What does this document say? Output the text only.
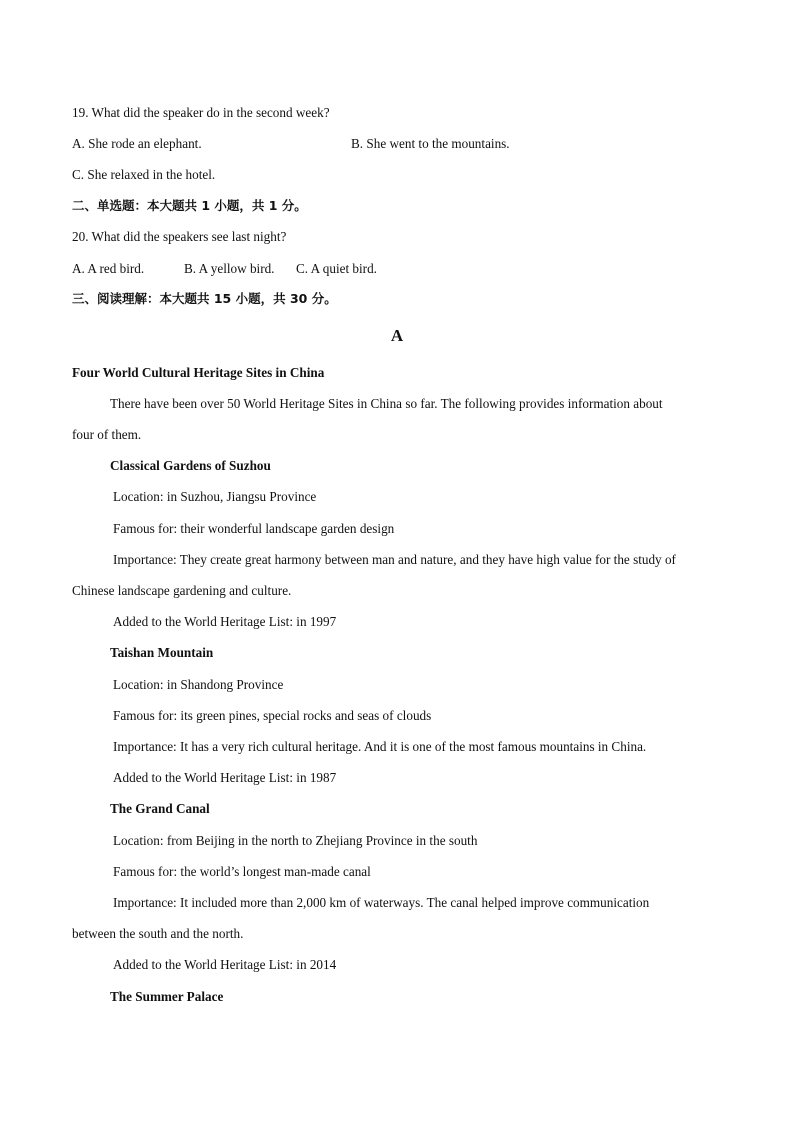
19. What did the speaker do in the second week?
A. She rode an elephant.	B. She went to the mountains.
C. She relaxed in the hotel.
二、单选题：本大题共 1 小题，共 1 分。
20. What did the speakers see last night?
A. A red bird.	B. A yellow bird. C. A quiet bird.
三、阅读理解：本大题共 15 小题，共 30 分。
A
Four World Cultural Heritage Sites in China
There have been over 50 World Heritage Sites in China so far. The following provides information about
four of them.
Classical Gardens of Suzhou
Location: in Suzhou, Jiangsu Province
Famous for: their wonderful landscape garden design
Importance: They create great harmony between man and nature, and they have high value for the study of
Chinese landscape gardening and culture.
Added to the World Heritage List: in 1997
Taishan Mountain
Location: in Shandong Province
Famous for: its green pines, special rocks and seas of clouds
Importance: It has a very rich cultural heritage. And it is one of the most famous mountains in China.
Added to the World Heritage List: in 1987
The Grand Canal
Location: from Beijing in the north to Zhejiang Province in the south
Famous for: the world’s longest man-made canal
Importance: It included more than 2,000 km of waterways. The canal helped improve communication
between the south and the north.
Added to the World Heritage List: in 2014
The Summer Palace
